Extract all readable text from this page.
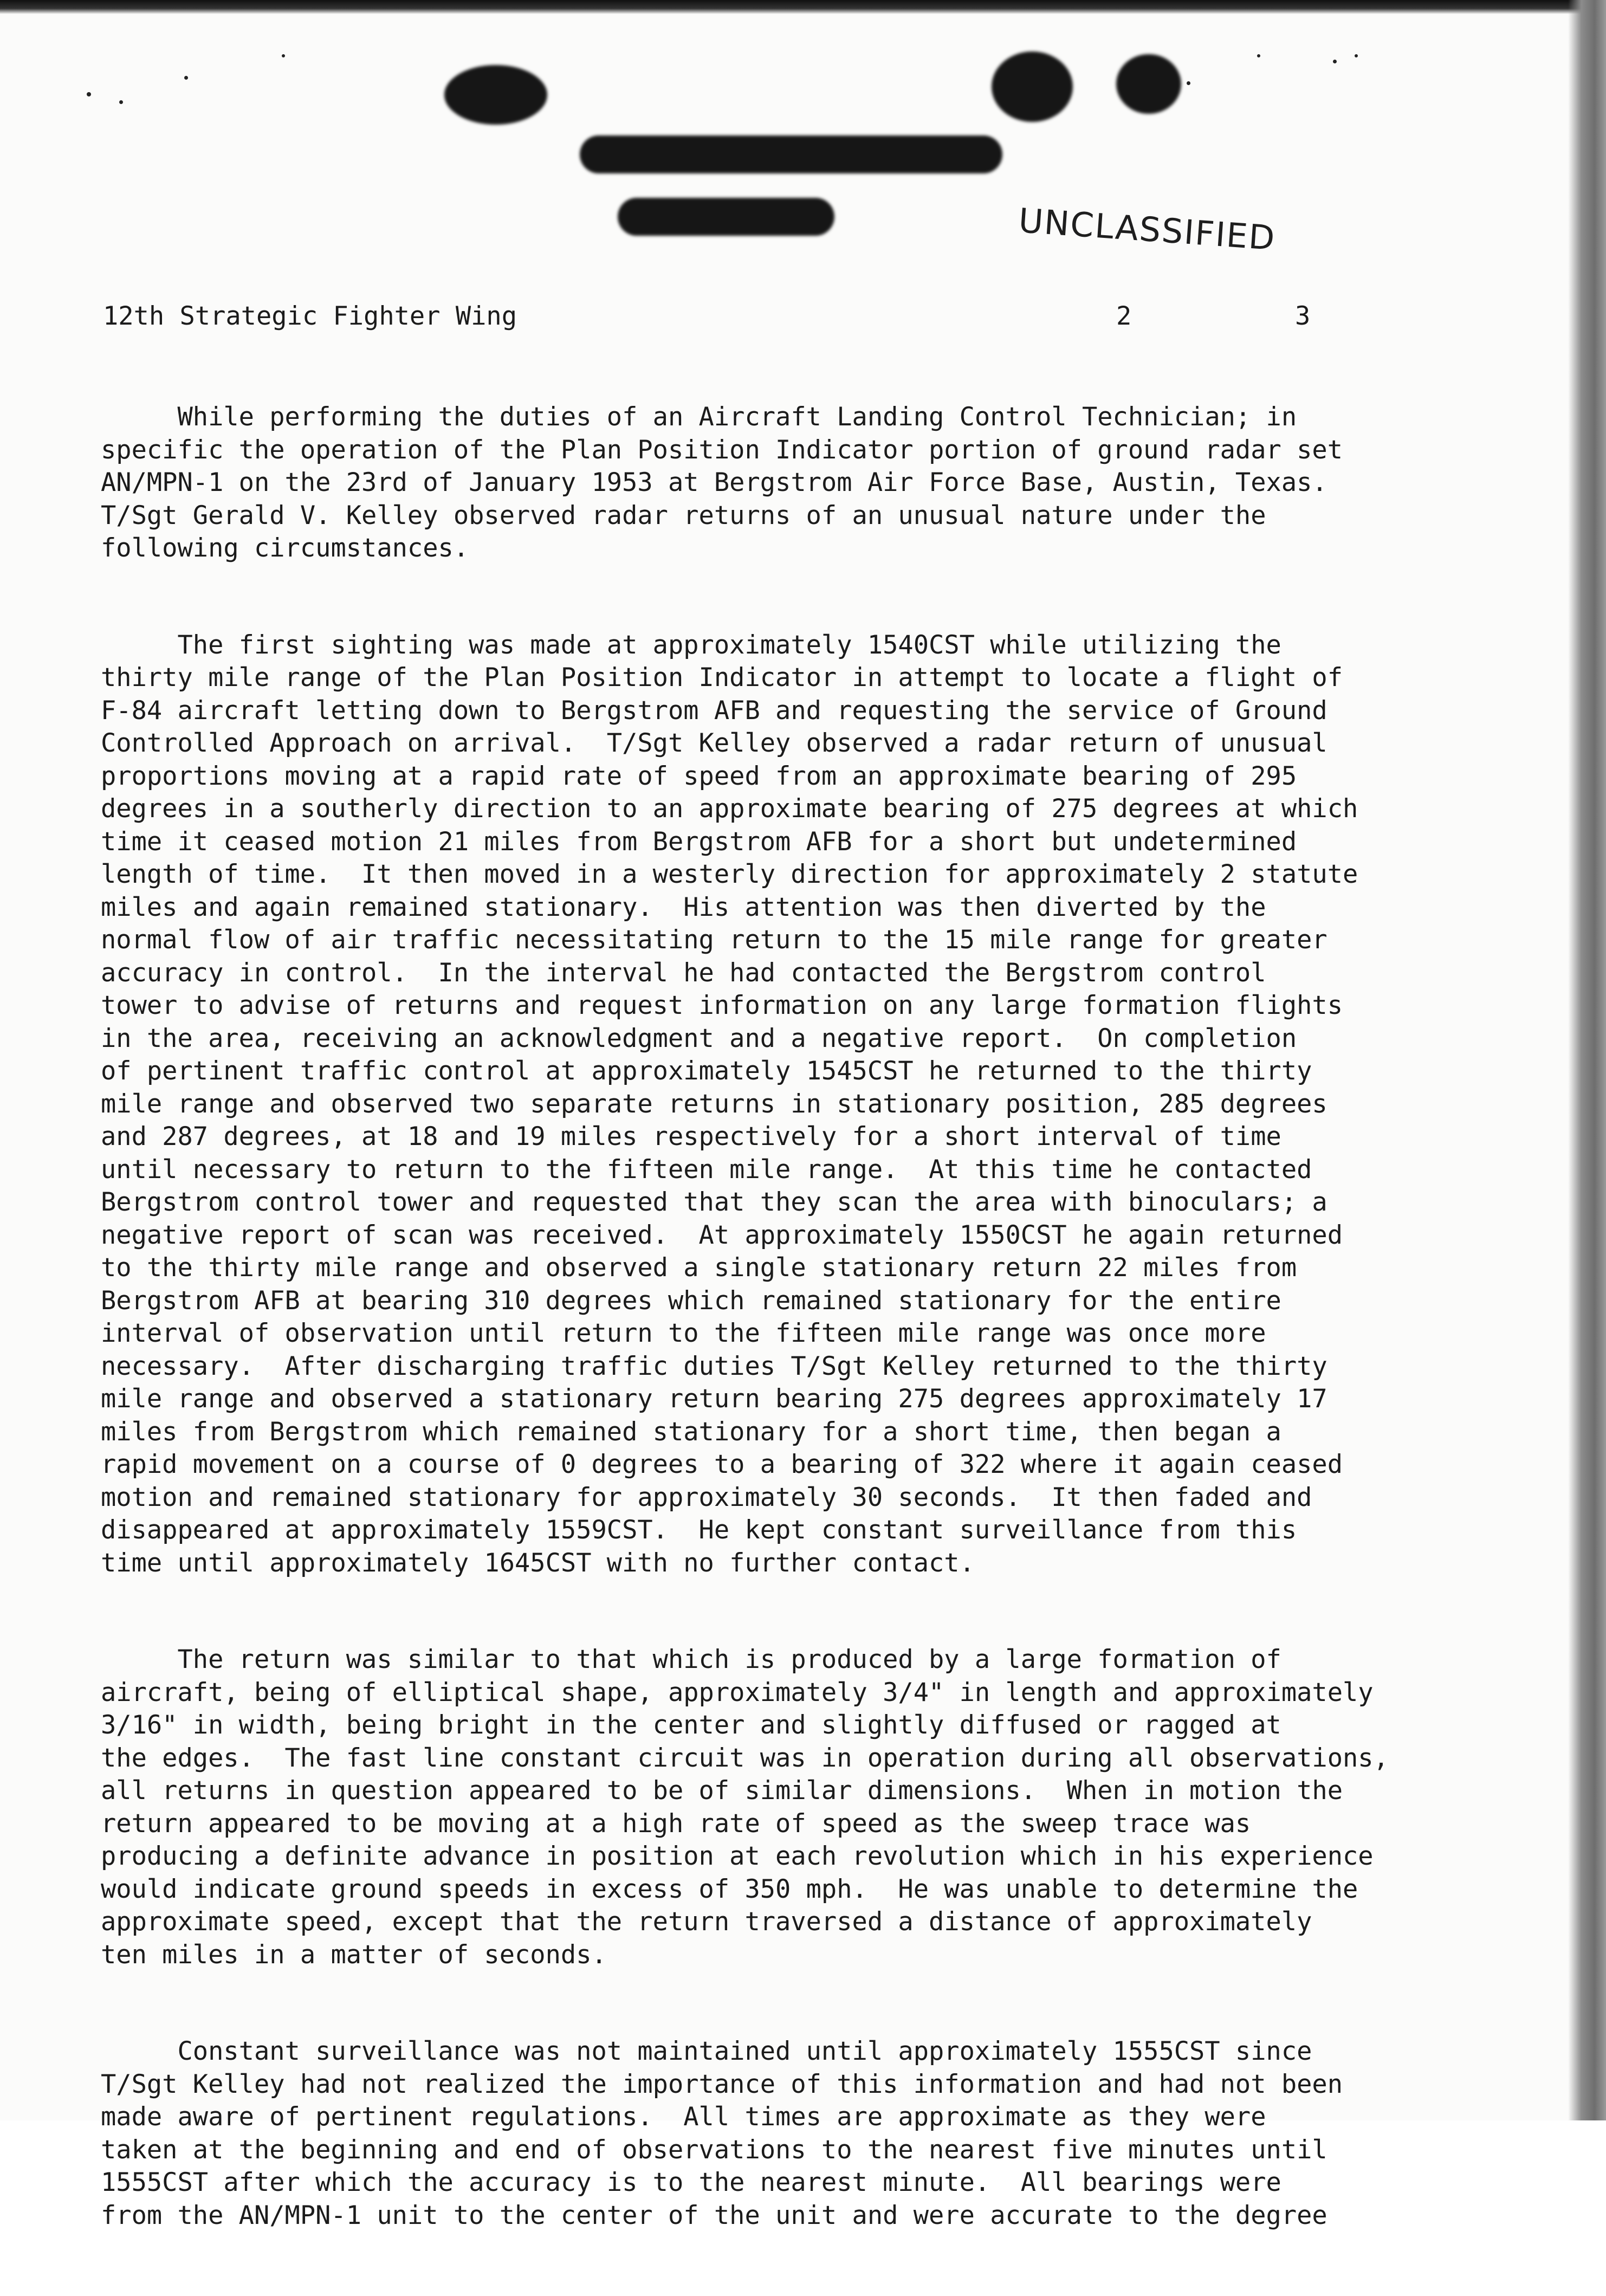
UNCLASSIFIED
12th Strategic Fighter Wing	2	3
While performing the duties of an Aircraft Landing Control Technician; in
specific the operation of the Plan Position Indicator portion of ground radar set
AN/MPN-1 on the 23rd of January 1953 at Bergstrom Air Force Base, Austin, Texas.
T/Sgt Gerald V. Kelley observed radar returns of an unusual nature under the
following circumstances.
The first sighting was made at approximately 1540CST while utilizing the
thirty mile range of the Plan Position Indicator in attempt to locate a flight of
F-84 aircraft letting down to Bergstrom AFB and requesting the service of Ground
Controlled Approach on arrival.  T/Sgt Kelley observed a radar return of unusual
proportions moving at a rapid rate of speed from an approximate bearing of 295
degrees in a southerly direction to an approximate bearing of 275 degrees at which
time it ceased motion 21 miles from Bergstrom AFB for a short but undetermined
length of time.  It then moved in a westerly direction for approximately 2 statute
miles and again remained stationary.  His attention was then diverted by the
normal flow of air traffic necessitating return to the 15 mile range for greater
accuracy in control.  In the interval he had contacted the Bergstrom control
tower to advise of returns and request information on any large formation flights
in the area, receiving an acknowledgment and a negative report.  On completion
of pertinent traffic control at approximately 1545CST he returned to the thirty
mile range and observed two separate returns in stationary position, 285 degrees
and 287 degrees, at 18 and 19 miles respectively for a short interval of time
until necessary to return to the fifteen mile range.  At this time he contacted
Bergstrom control tower and requested that they scan the area with binoculars; a
negative report of scan was received.  At approximately 1550CST he again returned
to the thirty mile range and observed a single stationary return 22 miles from
Bergstrom AFB at bearing 310 degrees which remained stationary for the entire
interval of observation until return to the fifteen mile range was once more
necessary.  After discharging traffic duties T/Sgt Kelley returned to the thirty
mile range and observed a stationary return bearing 275 degrees approximately 17
miles from Bergstrom which remained stationary for a short time, then began a
rapid movement on a course of 0 degrees to a bearing of 322 where it again ceased
motion and remained stationary for approximately 30 seconds.  It then faded and
disappeared at approximately 1559CST.  He kept constant surveillance from this
time until approximately 1645CST with no further contact.
The return was similar to that which is produced by a large formation of
aircraft, being of elliptical shape, approximately 3/4" in length and approximately
3/16" in width, being bright in the center and slightly diffused or ragged at
the edges.  The fast line constant circuit was in operation during all observations,
all returns in question appeared to be of similar dimensions.  When in motion the
return appeared to be moving at a high rate of speed as the sweep trace was
producing a definite advance in position at each revolution which in his experience
would indicate ground speeds in excess of 350 mph.  He was unable to determine the
approximate speed, except that the return traversed a distance of approximately
ten miles in a matter of seconds.
Constant surveillance was not maintained until approximately 1555CST since
T/Sgt Kelley had not realized the importance of this information and had not been
made aware of pertinent regulations.  All times are approximate as they were
taken at the beginning and end of observations to the nearest five minutes until
1555CST after which the accuracy is to the nearest minute.  All bearings were
from the AN/MPN-1 unit to the center of the unit and were accurate to the degree
